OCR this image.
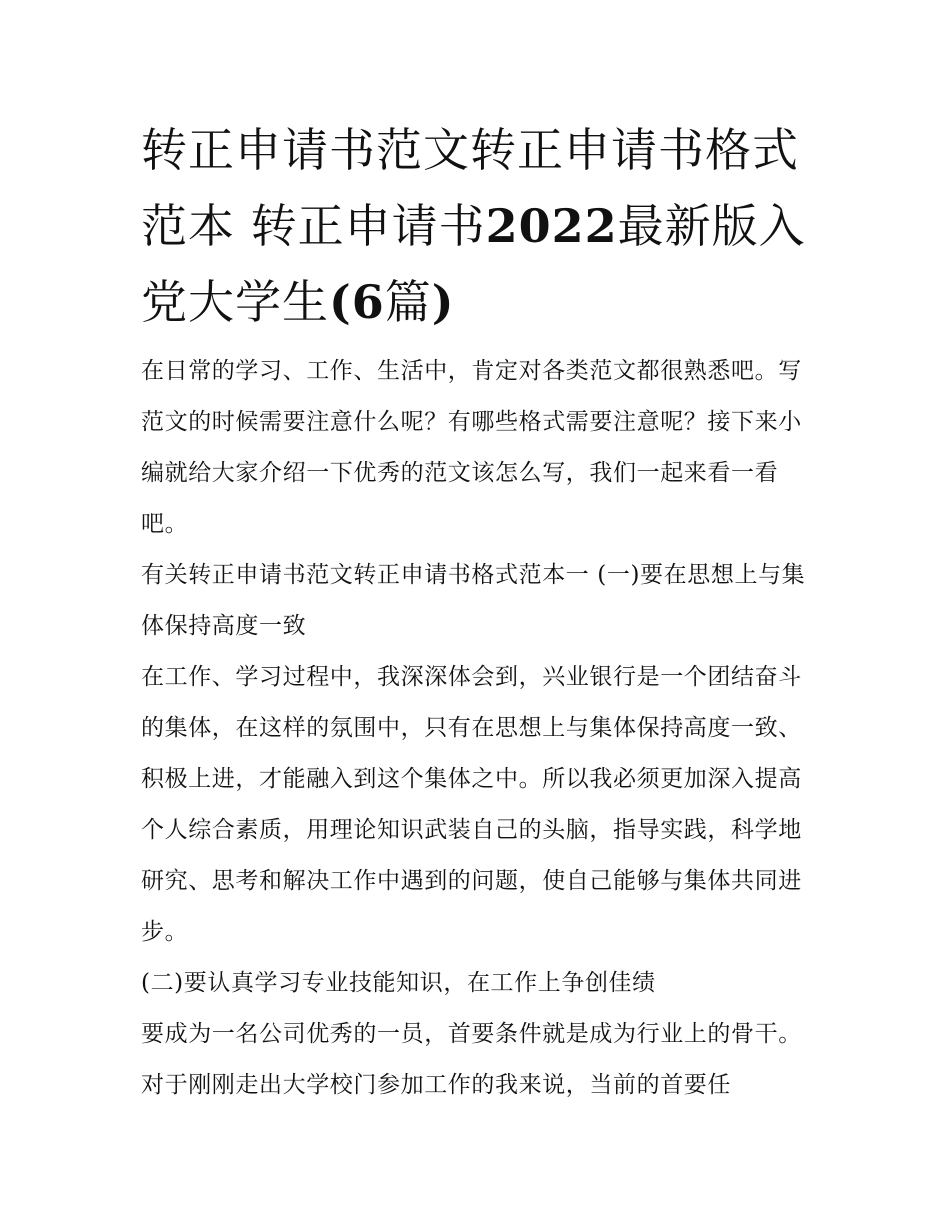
转正申请书范文转正申请书格式范本 转正申请书2022最新版入党大学生(6篇)

在日常的学习、工作、生活中，肯定对各类范文都很熟悉吧。写范文的时候需要注意什么呢？有哪些格式需要注意呢？接下来小编就给大家介绍一下优秀的范文该怎么写，我们一起来看一看吧。

有关转正申请书范文转正申请书格式范本一 (一)要在思想上与集体保持高度一致

在工作、学习过程中，我深深体会到，兴业银行是一个团结奋斗的集体，在这样的氛围中，只有在思想上与集体保持高度一致、积极上进，才能融入到这个集体之中。所以我必须更加深入提高个人综合素质，用理论知识武装自己的头脑，指导实践，科学地研究、思考和解决工作中遇到的问题，使自己能够与集体共同进步。

(二)要认真学习专业技能知识，在工作上争创佳绩

要成为一名公司优秀的一员，首要条件就是成为行业上的骨干。对于刚刚走出大学校门参加工作的我来说，当前的首要任
